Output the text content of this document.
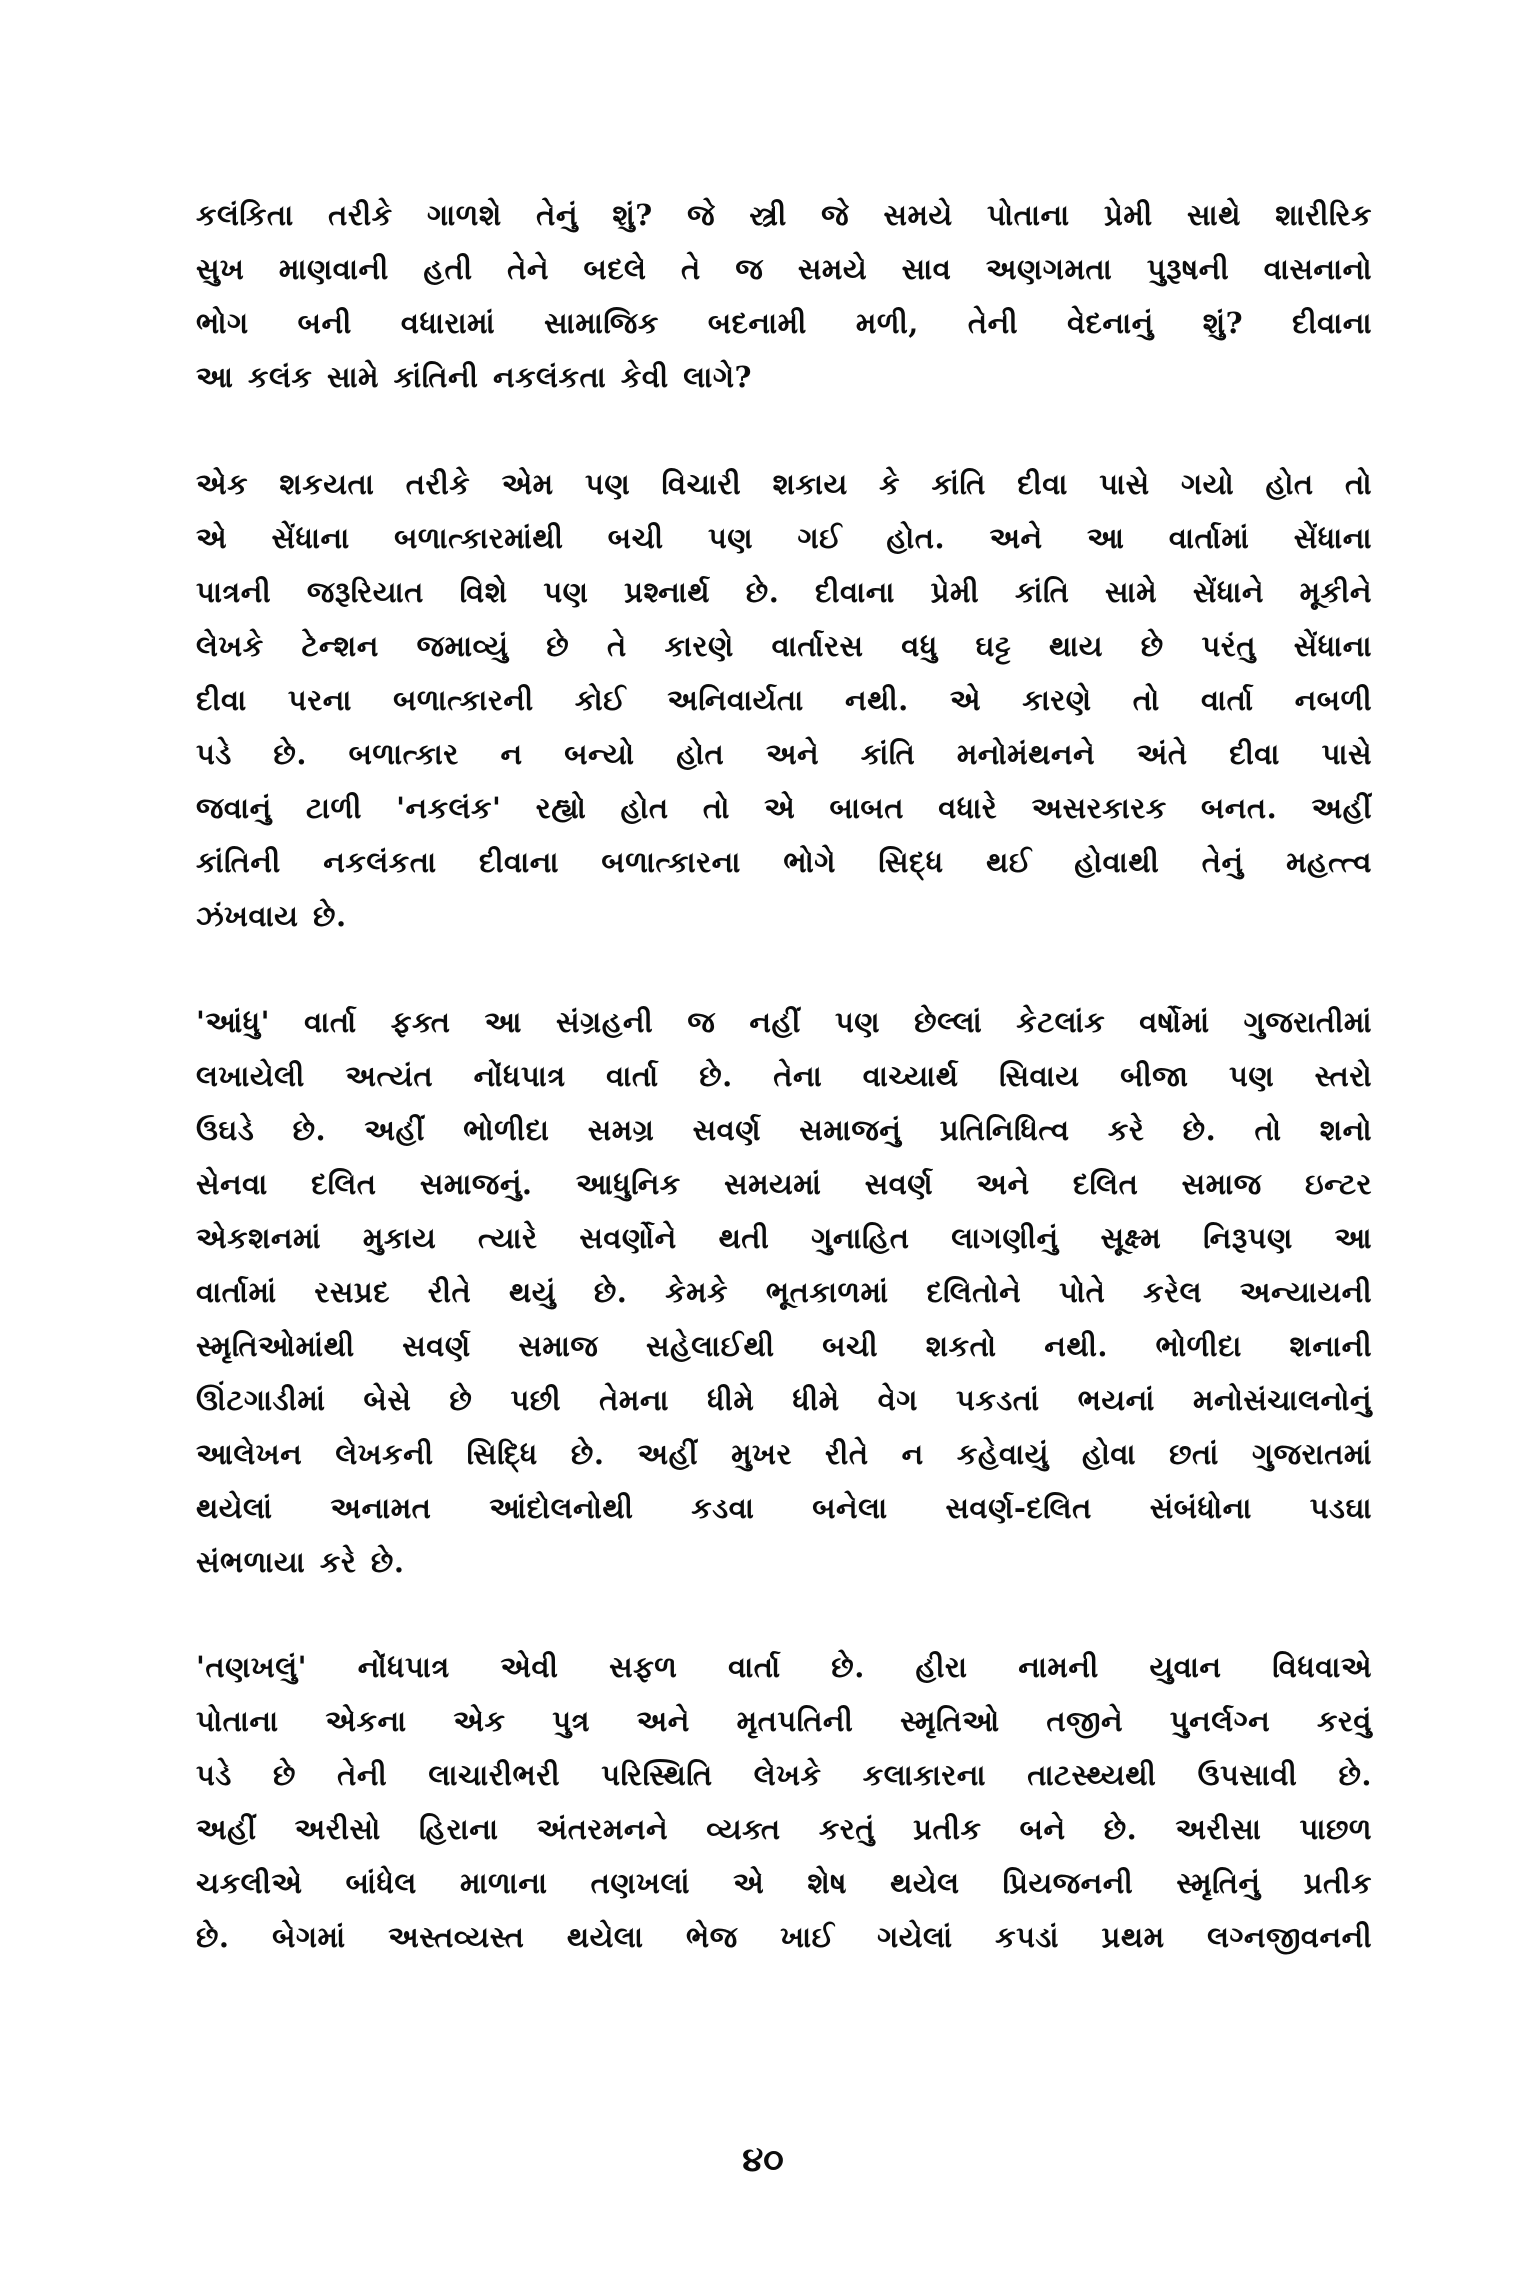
કલંકિતા તરીકે ગાળશે તેનું શું? જે સ્ત્રી જે સમયે પોતાના પ્રેમી સાથે શારીરિક
સુખ માણવાની હતી તેને બદલે તે જ સમયે સાવ અણગમતા પુરૂષની વાસનાનો
ભોગ બની વધારામાં સામાજિક બદનામી મળી, તેની વેદનાનું શું? દીવાના
આ કલંક સામે કાંતિની નકલંકતા કેવી લાગે?
એક શકયતા તરીકે એમ પણ વિચારી શકાય કે કાંતિ દીવા પાસે ગયો હોત તો
એ સેંધાના બળાત્કારમાંથી બચી પણ ગઈ હોત. અને આ વાર્તામાં સેંધાના
પાત્રની જરૂરિયાત વિશે પણ પ્રશ્નાર્થ છે. દીવાના પ્રેમી કાંતિ સામે સેંધાને મૂકીને
લેખકે ટેન્શન જમાવ્યું છે તે કારણે વાર્તારસ વધુ ઘટ્ટ થાય છે પરંતુ સેંધાના
દીવા પરના બળાત્કારની કોઈ અનિવાર્યતા નથી. એ કારણે તો વાર્તા નબળી
પડે છે. બળાત્કાર ન બન્યો હોત અને કાંતિ મનોમંથનને અંતે દીવા પાસે
જવાનું ટાળી 'નકલંક' રહ્યો હોત તો એ બાબત વધારે અસરકારક બનત. અહીં
કાંતિની નકલંકતા દીવાના બળાત્કારના ભોગે સિદ્ધ થઈ હોવાથી તેનું મહત્ત્વ
ઝંખવાય છે.
'આંધુ' વાર્તા ફક્ત આ સંગ્રહની જ નહીં પણ છેલ્લાં કેટલાંક વર્ષોમાં ગુજરાતીમાં
લખાયેલી અત્યંત નોંધપાત્ર વાર્તા છે. તેના વાચ્યાર્થ સિવાય બીજા પણ સ્તરો
ઉઘડે છે. અહીં ભોળીદા સમગ્ર સવર્ણ સમાજનું પ્રતિનિધિત્વ કરે છે. તો શનો
સેનવા દલિત સમાજનું. આધુનિક સમયમાં સવર્ણ અને દલિત સમાજ ઇન્ટર
એકશનમાં મુકાય ત્યારે સવર્ણોને થતી ગુનાહિત લાગણીનું સૂક્ષ્મ નિરૂપણ આ
વાર્તામાં રસપ્રદ રીતે થયું છે. કેમકે ભૂતકાળમાં દલિતોને પોતે કરેલ અન્યાયની
સ્મૃતિઓમાંથી સવર્ણ સમાજ સહેલાઈથી બચી શકતો નથી. ભોળીદા શનાની
ઊંટગાડીમાં બેસે છે પછી તેમના ધીમે ધીમે વેગ પકડતાં ભયનાં મનોસંચાલનોનું
આલેખન લેખકની સિદ્ધિ છે. અહીં મુખર રીતે ન કહેવાયું હોવા છતાં ગુજરાતમાં
થયેલાં અનામત આંદોલનોથી કડવા બનેલા સવર્ણ-દલિત સંબંધોના પડઘા
સંભળાયા કરે છે.
'તણખલું' નોંધપાત્ર એવી સફળ વાર્તા છે. હીરા નામની યુવાન વિધવાએ
પોતાના એકના એક પુત્ર અને મૃતપતિની સ્મૃતિઓ તજીને પુનર્લગ્ન કરવું
પડે છે તેની લાચારીભરી પરિસ્થિતિ લેખકે કલાકારના તાટસ્થ્યથી ઉપસાવી છે.
અહીં અરીસો હિરાના અંતરમનને વ્યક્ત કરતું પ્રતીક બને છે. અરીસા પાછળ
ચકલીએ બાંધેલ માળાના તણખલાં એ શેષ થયેલ પ્રિયજનની સ્મૃતિનું પ્રતીક
છે. બેગમાં અસ્તવ્યસ્ત થયેલા ભેજ ખાઈ ગયેલાં કપડાં પ્રથમ લગ્નજીવનની
૪૦
